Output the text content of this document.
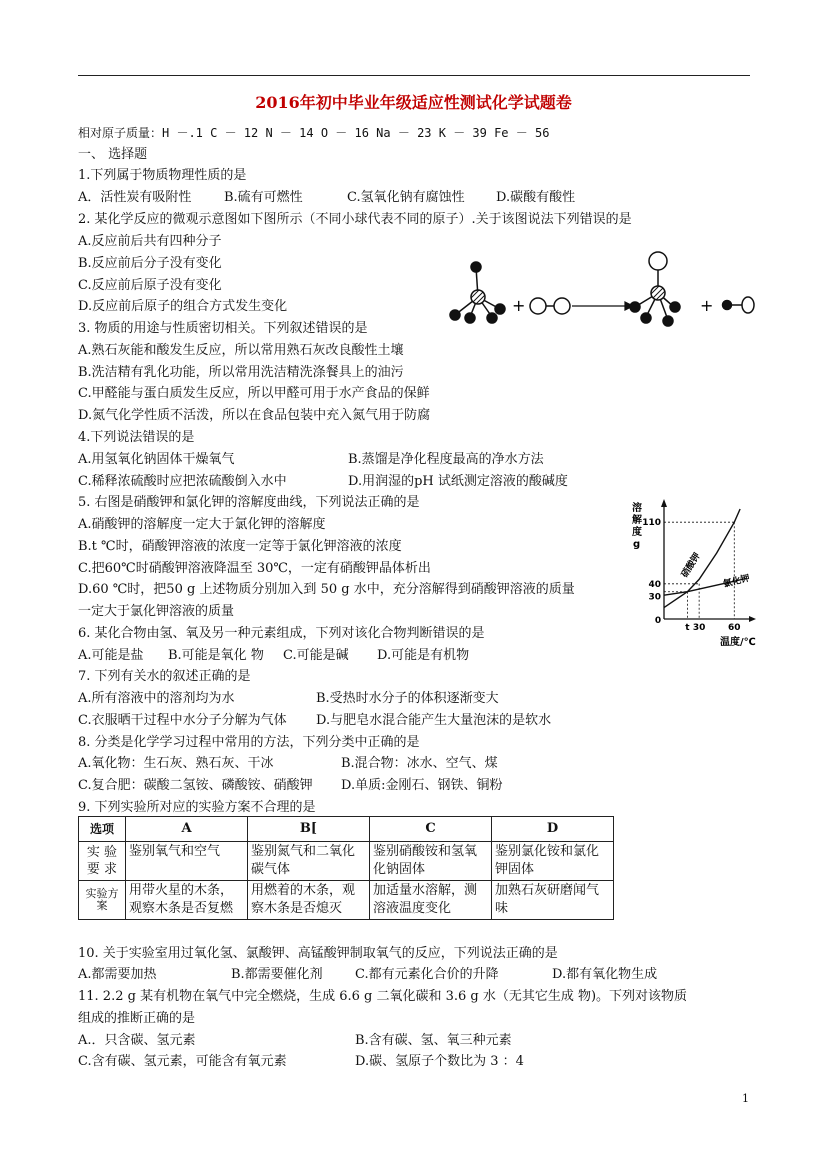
2016年初中毕业年级适应性测试化学试题卷
相对原子质量：H －.1 C － 12 N － 14 O － 16 Na － 23 K － 39 Fe － 56
一、 选择题
1.下列属于物质物理性质的是
A．活性炭有吸附性	B.硫有可燃性	C.氢氧化钠有腐蚀性 D.碳酸有酸性
2. 某化学反应的微观示意图如下图所示（不同小球代表不同的原子）.关于该图说法下列错误的是
A.反应前后共有四种分子
B.反应前后分子没有变化
C.反应前后原子没有变化
D.反应前后原子的组合方式发生变化	+	+
3. 物质的用途与性质密切相关。下列叙述错误的是
A.熟石灰能和酸发生反应，所以常用熟石灰改良酸性土壤
B.洗洁精有乳化功能，所以常用洗洁精洗涤餐具上的油污
C.甲醛能与蛋白质发生反应，所以甲醛可用于水产食品的保鲜
D.氮气化学性质不活泼，所以在食品包装中充入氮气用于防腐
4.下列说法错误的是
A.用氢氧化钠固体干燥氧气	B.蒸馏是净化程度最高的净水方法
C.稀释浓硫酸时应把浓硫酸倒入水中	D.用润湿的pH 试纸测定溶液的酸碱度
5. 右图是硝酸钾和氯化钾的溶解度曲线，下列说法正确的是
A.硝酸钾的溶解度一定大于氯化钾的溶解度
B.t ℃时，硝酸钾溶液的浓度一定等于氯化钾溶液的浓度
C.把60℃时硝酸钾溶液降温至 30℃，一定有硝酸钾晶体析出
D.60 ℃时，把50 g 上述物质分别加入到 50 g 水中，充分溶解得到硝酸钾溶液的质量
一定大于氯化钾溶液的质量
溶
解
度
g
硝酸钾
氯化钾
30
40
110
0
t 30	60
温度/℃
6. 某化合物由氢、氧及另一种元素组成，下列对该化合物判断错误的是
A.可能是盐 B.可能是氧化 物 C.可能是碱 D.可能是有机物
7. 下列有关水的叙述正确的是
A.所有溶液中的溶剂均为水	B.受热时水分子的体积逐渐变大
C.衣服晒干过程中水分子分解为气体 D.与肥皂水混合能产生大量泡沫的是软水
8. 分类是化学学习过程中常用的方法，下列分类中正确的是
A.氧化物：生石灰、熟石灰、干冰	B.混合物：冰水、空气、煤
C.复合肥：碳酸二氢铵、磷酸铵、硝酸钾 D.单质:金刚石、钢铁、铜粉
9. 下列实验所对应的实验方案不合理的是
选项	A	B[	C	D
实 验 要 求	鉴别氧气和空气	鉴别氮气和二氧化碳气体	鉴别硝酸铵和氢氧化钠固体	鉴别氯化铵和氯化钾固体
实验方案	用带火星的木条，观察木条是否复燃	用燃着的木条，观察木条是否熄灭	加适量水溶解，测溶液温度变化	加熟石灰研磨闻气味
10. 关于实验室用过氧化氢、氯酸钾、高锰酸钾制取氧气的反应，下列说法正确的是
A.都需要加热	B.都需要催化剂 C.都有元素化合价的升降	D.都有氧化物生成
11. 2.2 g 某有机物在氧气中完全燃烧，生成 6.6 g 二氧化碳和 3.6 g 水（无其它生成 物)。下列对该物质
组成的推断正确的是
A.．只含碳、氢元素	B.含有碳、氢、氧三种元素
C.含有碳、氢元素，可能含有氧元素	D.碳、氢原子个数比为 3 ：4
1
